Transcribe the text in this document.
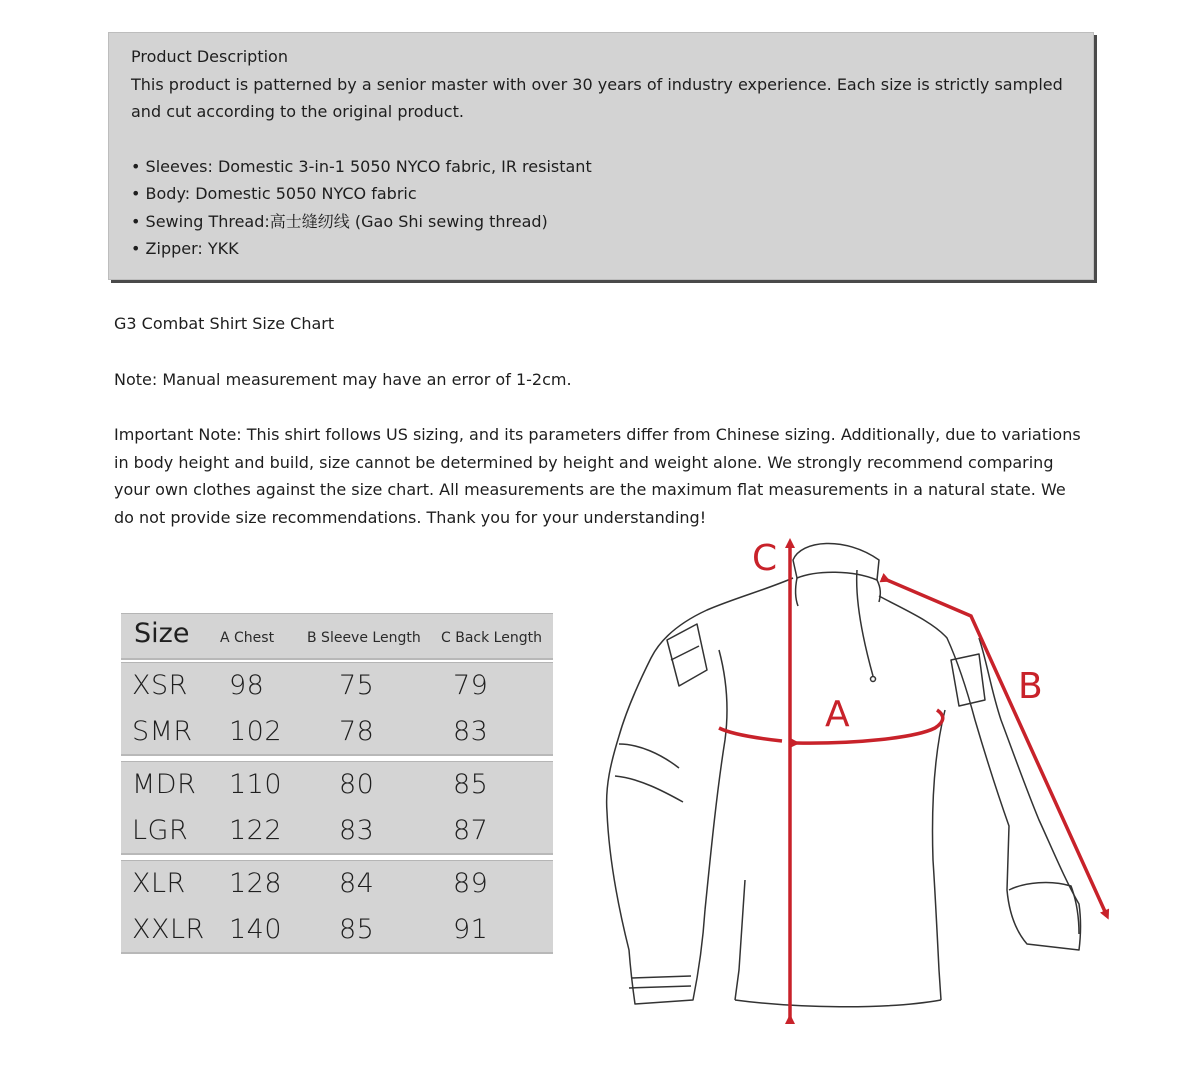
Product Description

This product is patterned by a senior master with over 30 years of industry experience. Each size is strictly sampled and cut according to the original product.

• Sleeves: Domestic 3-in-1 5050 NYCO fabric, IR resistant
• Body: Domestic 5050 NYCO fabric
• Sewing Thread:高士缝纫线 (Gao Shi sewing thread)
• Zipper: YKK
G3 Combat Shirt Size Chart
Note: Manual measurement may have an error of 1-2cm.
Important Note: This shirt follows US sizing, and its parameters differ from Chinese sizing. Additionally, due to variations in body height and build, size cannot be determined by height and weight alone. We strongly recommend comparing your own clothes against the size chart. All measurements are the maximum flat measurements in a natural state. We do not provide size recommendations. Thank you for your understanding!
Size A Chest B Sleeve Length C Back Length
XSR 98	75	79
SMR 102 78	83
MDR 110 80	85
LGR 122 83	87
XLR 128 84	89
XXLR 140 85	91
C
A
B
